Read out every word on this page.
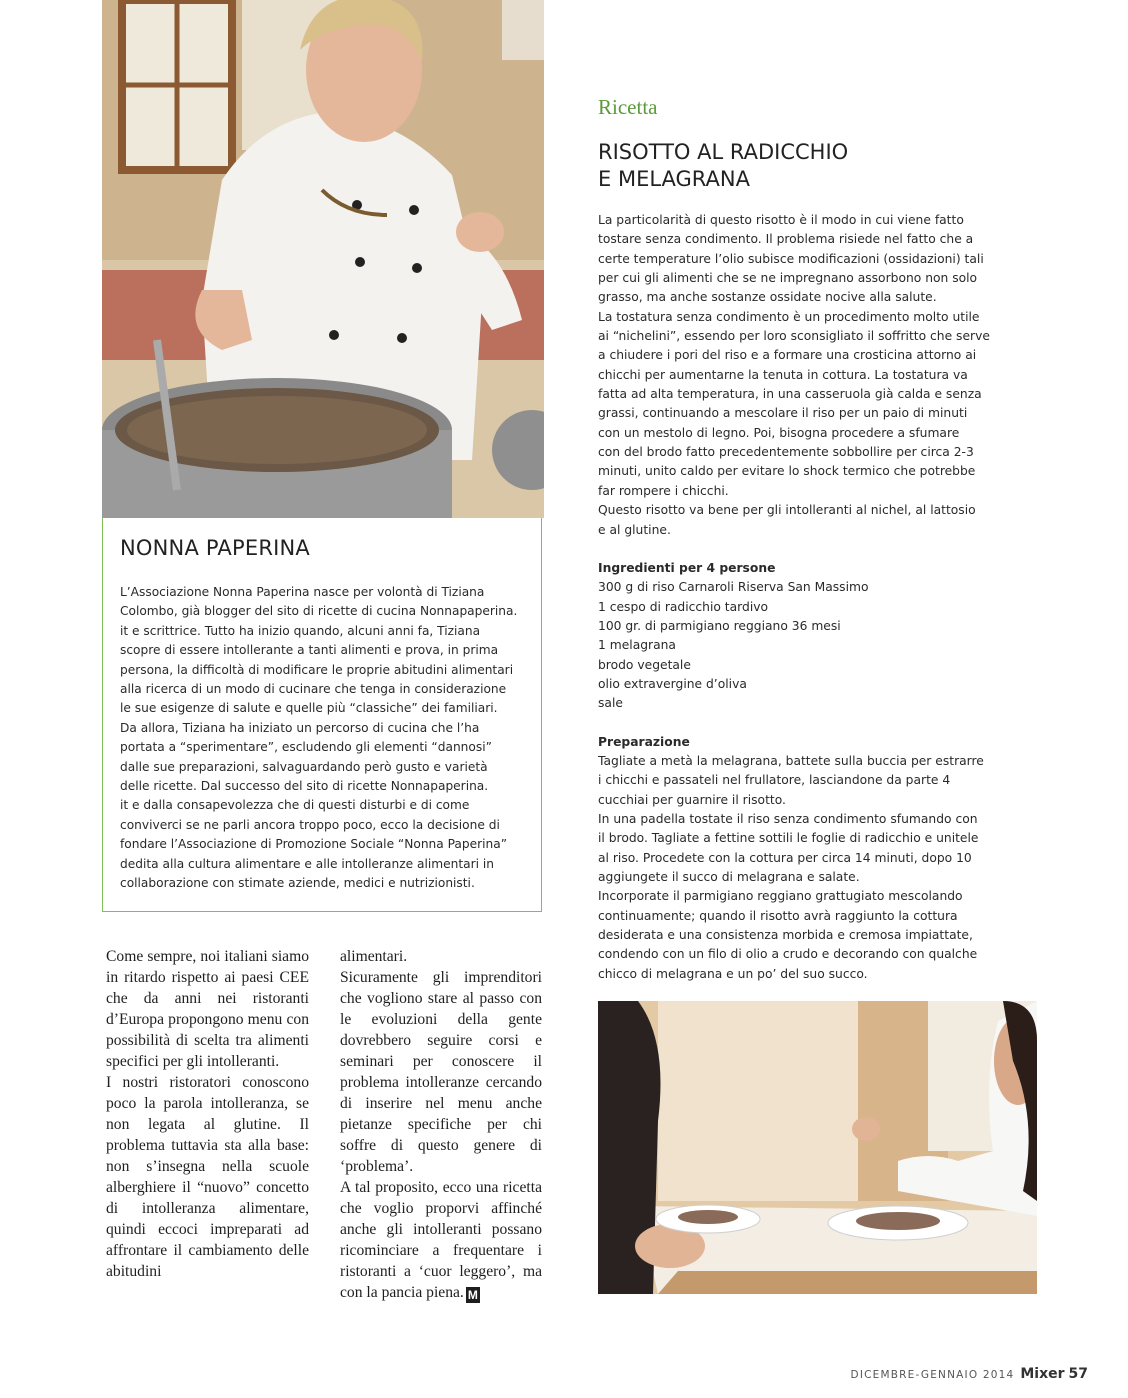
NONNA PAPERINA
L’Associazione Nonna Paperina nasce per volontà di Tiziana
Colombo, già blogger del sito di ricette di cucina Nonnapaperina.
it e scrittrice. Tutto ha inizio quando, alcuni anni fa, Tiziana
scopre di essere intollerante a tanti alimenti e prova, in prima
persona, la difficoltà di modificare le proprie abitudini alimentari
alla ricerca di un modo di cucinare che tenga in considerazione
le sue esigenze di salute e quelle più “classiche” dei familiari.
Da allora, Tiziana ha iniziato un percorso di cucina che l’ha
portata a “sperimentare”, escludendo gli elementi “dannosi”
dalle sue preparazioni, salvaguardando però gusto e varietà
delle ricette. Dal successo del sito di ricette Nonnapaperina.
it e dalla consapevolezza che di questi disturbi e di come
conviverci se ne parli ancora troppo poco, ecco la decisione di
fondare l’Associazione di Promozione Sociale “Nonna Paperina”
dedita alla cultura alimentare e alle intolleranze alimentari in
collaborazione con stimate aziende, medici e nutrizionisti.

Come sempre, noi italiani siamo in ritardo rispetto ai paesi CEE che da anni nei ristoranti d’Europa propongono menu con possibilità di scelta tra alimenti specifici per gli intolleranti.

I nostri ristoratori conoscono poco la parola intolleranza, se non legata al glutine. Il problema tuttavia sta alla base: non s’insegna nella scuole alberghiere il “nuovo” concetto di intolleranza alimentare, quindi eccoci impreparati ad affrontare il cambiamento delle abitudini

alimentari.

Sicuramente gli imprenditori che vogliono stare al passo con le evoluzioni della gente dovrebbero seguire corsi e seminari per conoscere il problema intolleranze cercando di inserire nel menu anche pietanze specifiche per chi soffre di questo genere di ‘problema’.

A tal proposito, ecco una ricetta che voglio proporvi affinché anche gli intolleranti possano ricominciare a frequentare i ristoranti a ‘cuor leggero’, ma con la pancia piena. M

Ricetta
RISOTTO AL RADICCHIO
E MELAGRANA
La particolarità di questo risotto è il modo in cui viene fatto
tostare senza condimento. Il problema risiede nel fatto che a
certe temperature l’olio subisce modificazioni (ossidazioni) tali
per cui gli alimenti che se ne impregnano assorbono non solo
grasso, ma anche sostanze ossidate nocive alla salute.
La tostatura senza condimento è un procedimento molto utile
ai “nichelini”, essendo per loro sconsigliato il soffritto che serve
a chiudere i pori del riso e a formare una crosticina attorno ai
chicchi per aumentarne la tenuta in cottura. La tostatura va
fatta ad alta temperatura, in una casseruola già calda e senza
grassi, continuando a mescolare il riso per un paio di minuti
con un mestolo di legno. Poi, bisogna procedere a sfumare
con del brodo fatto precedentemente sobbollire per circa 2-3
minuti, unito caldo per evitare lo shock termico che potrebbe
far rompere i chicchi.
Questo risotto va bene per gli intolleranti al nichel, al lattosio
e al glutine.
Ingredienti per 4 persone
300 g di riso Carnaroli Riserva San Massimo
1 cespo di radicchio tardivo
100 gr. di parmigiano reggiano 36 mesi
1 melagrana
brodo vegetale
olio extravergine d’oliva
sale
Preparazione
Tagliate a metà la melagrana, battete sulla buccia per estrarre
i chicchi e passateli nel frullatore, lasciandone da parte 4
cucchiai per guarnire il risotto.
In una padella tostate il riso senza condimento sfumando con
il brodo. Tagliate a fettine sottili le foglie di radicchio e unitele
al riso. Procedete con la cottura per circa 14 minuti, dopo 10
aggiungete il succo di melagrana e salate.
Incorporate il parmigiano reggiano grattugiato mescolando
continuamente; quando il risotto avrà raggiunto la cottura
desiderata e una consistenza morbida e cremosa impiattate,
condendo con un filo di olio a crudo e decorando con qualche
chicco di melagrana e un po’ del suo succo.
DICEMBRE-GENNAIO 2014 Mixer 57
